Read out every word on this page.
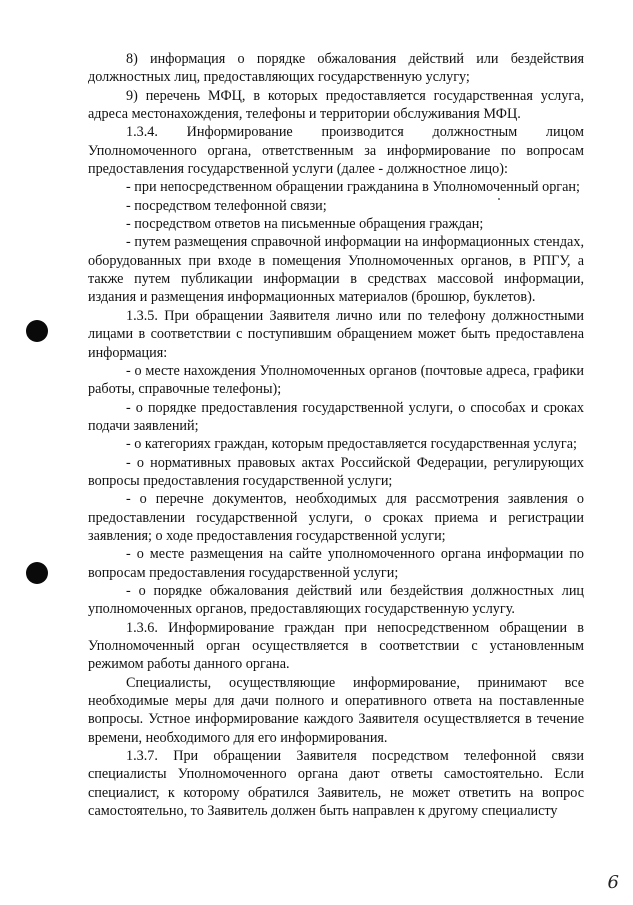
8) информация о порядке обжалования действий или бездействия должностных лиц, предоставляющих государственную услугу;

9) перечень МФЦ, в которых предоставляется государственная услуга, адреса местонахождения, телефоны и территории обслуживания МФЦ.

1.3.4. Информирование производится должностным лицом Уполномоченного органа, ответственным за информирование по вопросам предоставления государственной услуги (далее - должностное лицо):

- при непосредственном обращении гражданина в Уполномоченный орган;

- посредством телефонной связи;

- посредством ответов на письменные обращения граждан;

- путем размещения справочной информации на информационных стендах, оборудованных при входе в помещения Уполномоченных органов, в РПГУ, а также путем публикации информации в средствах массовой информации, издания и размещения информационных материалов (брошюр, буклетов).

1.3.5. При обращении Заявителя лично или по телефону должностными лицами в соответствии с поступившим обращением может быть предоставлена информация:

- о месте нахождения Уполномоченных органов (почтовые адреса, графики работы, справочные телефоны);

- о порядке предоставления государственной услуги, о способах и сроках подачи заявлений;

- о категориях граждан, которым предоставляется государственная услуга;

- о нормативных правовых актах Российской Федерации, регулирующих вопросы предоставления государственной услуги;

- о перечне документов, необходимых для рассмотрения заявления о предоставлении государственной услуги, о сроках приема и регистрации заявления; о ходе предоставления государственной услуги;

- о месте размещения на сайте уполномоченного органа информации по вопросам предоставления государственной услуги;

- о порядке обжалования действий или бездействия должностных лиц уполномоченных органов, предоставляющих государственную услугу.

1.3.6. Информирование граждан при непосредственном обращении в Уполномоченный орган осуществляется в соответствии с установленным режимом работы данного органа.

Специалисты, осуществляющие информирование, принимают все необходимые меры для дачи полного и оперативного ответа на поставленные вопросы. Устное информирование каждого Заявителя осуществляется в течение времени, необходимого для его информирования.

1.3.7. При обращении Заявителя посредством телефонной связи специалисты Уполномоченного органа дают ответы самостоятельно. Если специалист, к которому обратился Заявитель, не может ответить на вопрос самостоятельно, то Заявитель должен быть направлен к другому специалисту

6
